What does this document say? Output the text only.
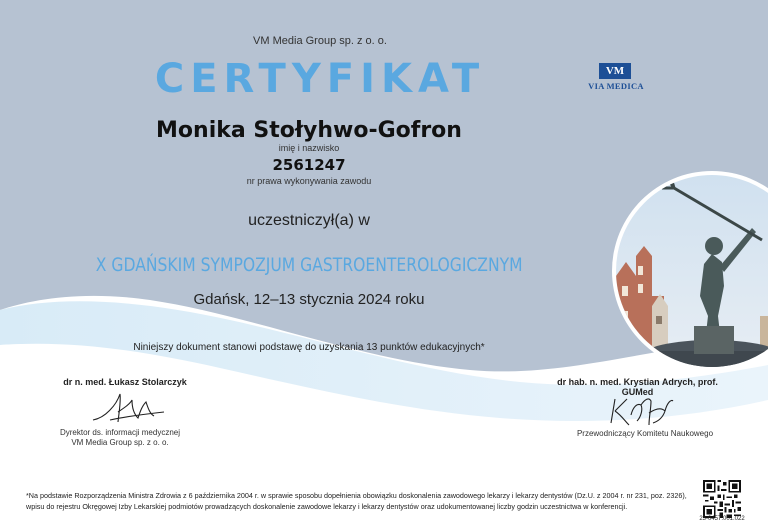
VM Media Group sp. z o. o.
CERTYFIKAT	VM
VIA MEDICA
Monika Stołyhwo-Gofron
imię i nazwisko
2561247
nr prawa wykonywania zawodu
uczestniczył(a) w
X GDAŃSKIM SYMPOZJUM GASTROENTEROLOGICZNYM
Gdańsk, 12–13 stycznia 2024 roku
Niniejszy dokument stanowi podstawę do uzyskania 13 punktów edukacyjnych*
dr n. med. Łukasz Stolarczyk
Dyrektor ds. informacji medycznej
VM Media Group sp. z o. o.
dr hab. n. med. Krystian Adrych, prof. GUMed
Przewodniczący Komitetu Naukowego
*Na podstawie Rozporządzenia Ministra Zdrowia z 6 października 2004 r. w sprawie sposobu dopełnienia obowiązku doskonalenia zawodowego lekarzy i lekarzy dentystów (Dz.U. z 2004 r. nr 231, poz. 2326), wpisu do rejestru Okręgowej Izby Lekarskiej podmiotów prowadzących doskonalenie zawodowe lekarzy i lekarzy dentystów oraz udokumentowanej liczby godzin uczestnictwa w konferencji.
23-0457.001.022
